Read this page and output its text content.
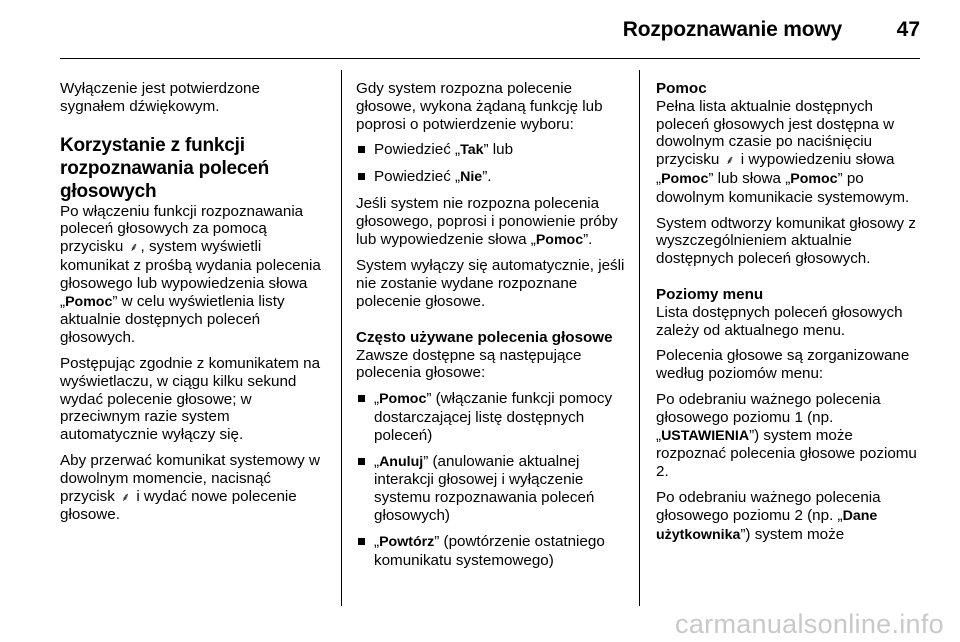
Rozpoznawanie mowy	47

Wyłączenie jest potwierdzone sygnałem dźwiękowym.

Korzystanie z funkcji rozpoznawania poleceń głosowych

Po włączeniu funkcji rozpoznawania poleceń głosowych za pomocą przycisku ⸙ , system wyświetli komunikat z prośbą wydania polecenia głosowego lub wypowiedzenia słowa „Pomoc” w celu wyświetlenia listy aktualnie dostępnych poleceń głosowych.

Postępując zgodnie z komunikatem na wyświetlaczu, w ciągu kilku sekund wydać polecenie głosowe; w przeciwnym razie system automatycznie wyłączy się.

Aby przerwać komunikat systemowy w dowolnym momencie, nacisnąć przycisk ⸙ i wydać nowe polecenie głosowe.

Gdy system rozpozna polecenie głosowe, wykona żądaną funkcję lub poprosi o potwierdzenie wyboru:

Powiedzieć „Tak” lub
Powiedzieć „Nie”.

Jeśli system nie rozpozna polecenia głosowego, poprosi i ponowienie próby lub wypowiedzenie słowa „Pomoc”.

System wyłączy się automatycznie, jeśli nie zostanie wydane rozpoznane polecenie głosowe.

Często używane polecenia głosowe

Zawsze dostępne są następujące polecenia głosowe:

„Pomoc” (włączanie funkcji pomocy dostarczającej listę dostępnych poleceń)
„Anuluj” (anulowanie aktualnej interakcji głosowej i wyłączenie systemu rozpoznawania poleceń głosowych)
„Powtórz” (powtórzenie ostatniego komunikatu systemowego)
Pomoc

Pełna lista aktualnie dostępnych poleceń głosowych jest dostępna w dowolnym czasie po naciśnięciu przycisku ⸙ i wypowiedzeniu słowa „Pomoc” lub słowa „Pomoc” po dowolnym komunikacie systemowym.

System odtworzy komunikat głosowy z wyszczególnieniem aktualnie dostępnych poleceń głosowych.

Poziomy menu

Lista dostępnych poleceń głosowych zależy od aktualnego menu.

Polecenia głosowe są zorganizowane według poziomów menu:

Po odebraniu ważnego polecenia głosowego poziomu 1 (np. „USTAWIENIA”) system może rozpoznać polecenia głosowe poziomu 2.

Po odebraniu ważnego polecenia głosowego poziomu 2 (np. „Dane użytkownika”) system może

carmanualsonline.info
